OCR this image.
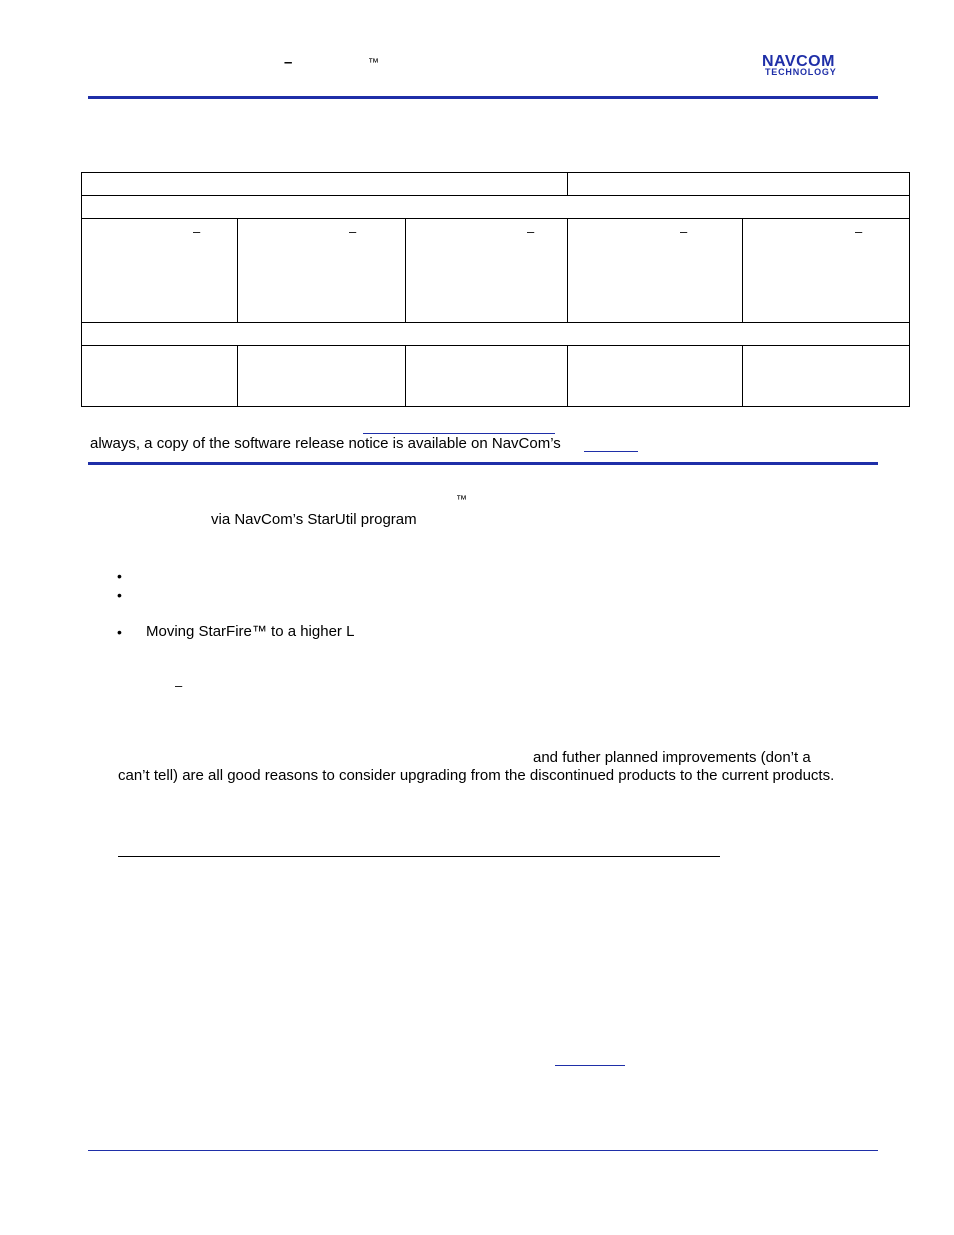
–	™	NAVCOM
TECHNOLOGY
–	–	–	–	–
always, a copy of the software release notice is available on NavCom’s
™
via NavCom’s StarUtil program
•
•
• Moving StarFire™ to a higher L
–
and futher planned improvements (don’t a
can’t tell) are all good reasons to consider upgrading from the discontinued products to the current products.
